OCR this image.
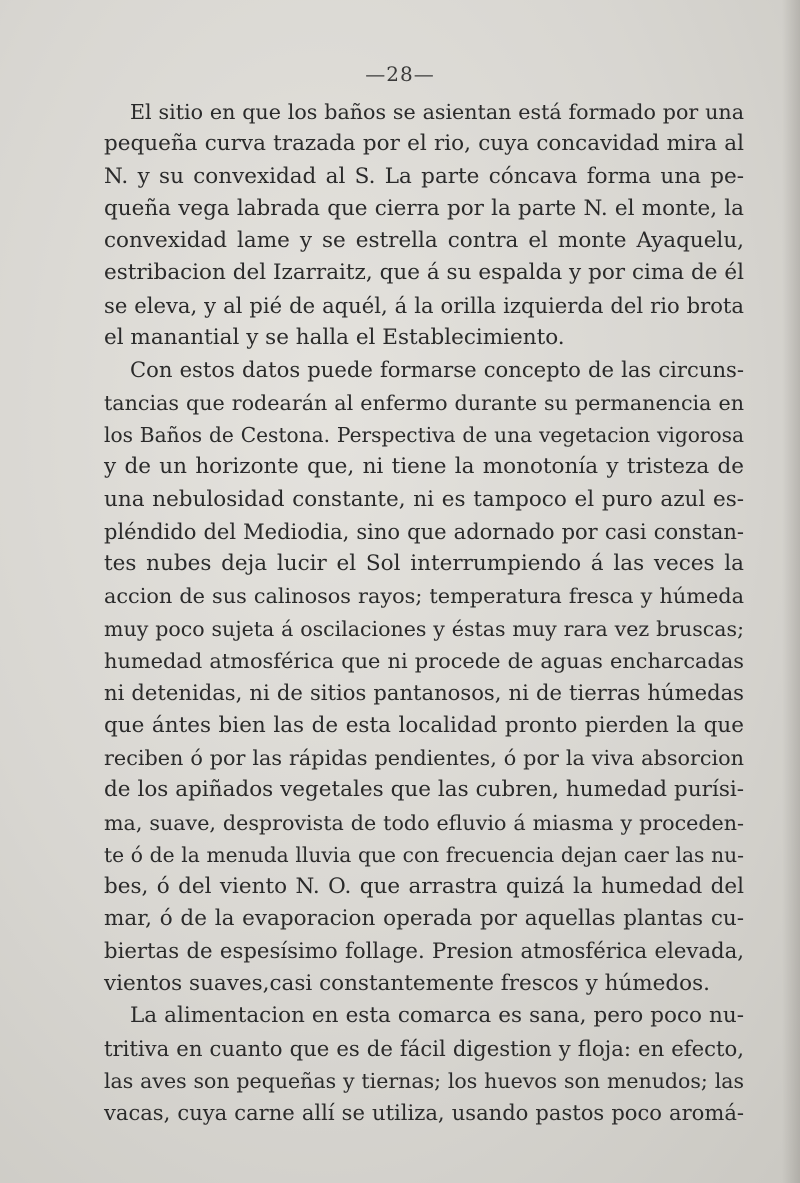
—28—

El sitio en que los baños se asientan está formado por una
pequeña curva trazada por el rio, cuya concavidad mira al
N. y su convexidad al S. La parte cóncava forma una pe-
queña vega labrada que cierra por la parte N. el monte, la
convexidad lame y se estrella contra el monte Ayaquelu,
estribacion del Izarraitz, que á su espalda y por cima de él
se eleva, y al pié de aquél, á la orilla izquierda del rio brota
el manantial y se halla el Establecimiento.

Con estos datos puede formarse concepto de las circuns-
tancias que rodearán al enfermo durante su permanencia en
los Baños de Cestona. Perspectiva de una vegetacion vigorosa
y de un horizonte que, ni tiene la monotonía y tristeza de
una nebulosidad constante, ni es tampoco el puro azul es-
pléndido del Mediodia, sino que adornado por casi constan-
tes nubes deja lucir el Sol interrumpiendo á las veces la
accion de sus calinosos rayos; temperatura fresca y húmeda
muy poco sujeta á oscilaciones y éstas muy rara vez bruscas;
humedad atmosférica que ni procede de aguas encharcadas
ni detenidas, ni de sitios pantanosos, ni de tierras húmedas
que ántes bien las de esta localidad pronto pierden la que
reciben ó por las rápidas pendientes, ó por la viva absorcion
de los apiñados vegetales que las cubren, humedad purísi-
ma, suave, desprovista de todo efluvio á miasma y proceden-
te ó de la menuda lluvia que con frecuencia dejan caer las nu-
bes, ó del viento N. O. que arrastra quizá la humedad del
mar, ó de la evaporacion operada por aquellas plantas cu-
biertas de espesísimo follage. Presion atmosférica elevada,
vientos suaves,casi constantemente frescos y húmedos.

La alimentacion en esta comarca es sana, pero poco nu-
tritiva en cuanto que es de fácil digestion y floja: en efecto,
las aves son pequeñas y tiernas; los huevos son menudos; las
vacas, cuya carne allí se utiliza, usando pastos poco aromá-
